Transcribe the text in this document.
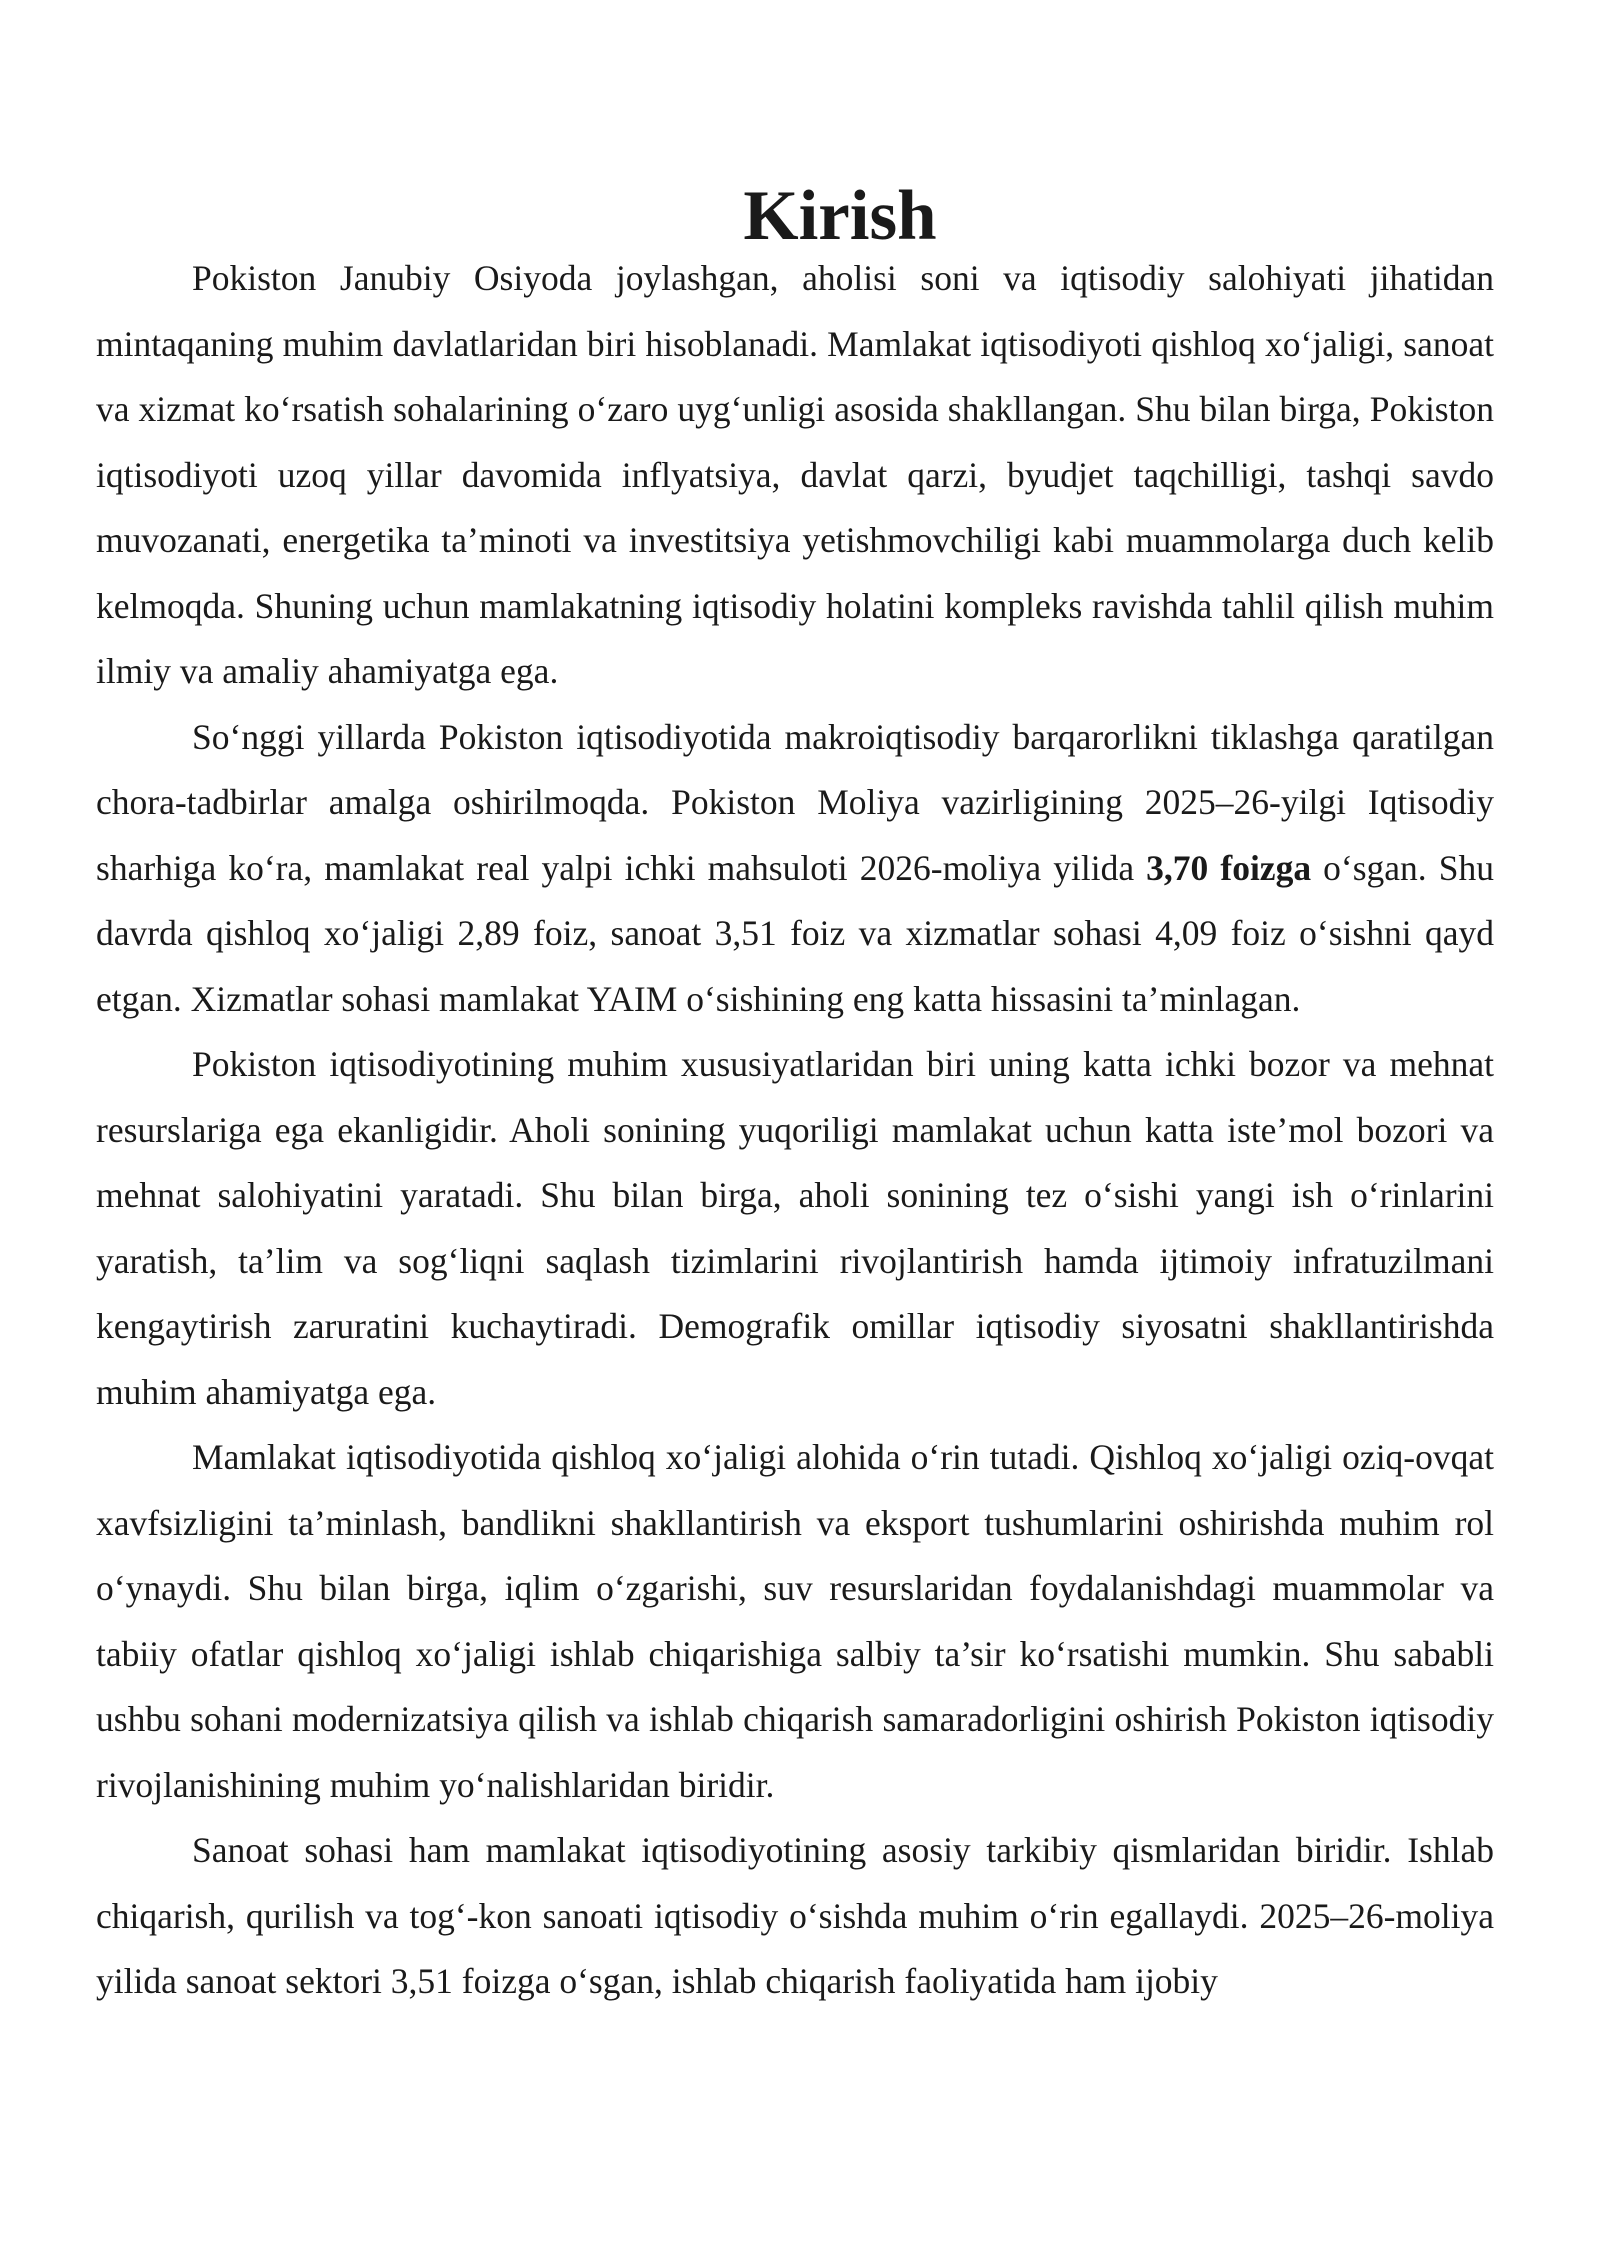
Kirish

Pokiston Janubiy Osiyoda joylashgan, aholisi soni va iqtisodiy salohiyati jihatidan mintaqaning muhim davlatlaridan biri hisoblanadi. Mamlakat iqtisodiyoti qishloq xo‘jaligi, sanoat va xizmat ko‘rsatish sohalarining o‘zaro uyg‘unligi asosida shakllangan. Shu bilan birga, Pokiston iqtisodiyoti uzoq yillar davomida inflyatsiya, davlat qarzi, byudjet taqchilligi, tashqi savdo muvozanati, energetika ta’minoti va investitsiya yetishmovchiligi kabi muammolarga duch kelib kelmoqda. Shuning uchun mamlakatning iqtisodiy holatini kompleks ravishda tahlil qilish muhim ilmiy va amaliy ahamiyatga ega.

So‘nggi yillarda Pokiston iqtisodiyotida makroiqtisodiy barqarorlikni tiklashga qaratilgan chora-tadbirlar amalga oshirilmoqda. Pokiston Moliya vazirligining 2025–26-yilgi Iqtisodiy sharhiga ko‘ra, mamlakat real yalpi ichki mahsuloti 2026-moliya yilida 3,70 foizga o‘sgan. Shu davrda qishloq xo‘jaligi 2,89 foiz, sanoat 3,51 foiz va xizmatlar sohasi 4,09 foiz o‘sishni qayd etgan. Xizmatlar sohasi mamlakat YAIM o‘sishining eng katta hissasini ta’minlagan.

Pokiston iqtisodiyotining muhim xususiyatlaridan biri uning katta ichki bozor va mehnat resurslariga ega ekanligidir. Aholi sonining yuqoriligi mamlakat uchun katta iste’mol bozori va mehnat salohiyatini yaratadi. Shu bilan birga, aholi sonining tez o‘sishi yangi ish o‘rinlarini yaratish, ta’lim va sog‘liqni saqlash tizimlarini rivojlantirish hamda ijtimoiy infratuzilmani kengaytirish zaruratini kuchaytiradi. Demografik omillar iqtisodiy siyosatni shakllantirishda muhim ahamiyatga ega.

Mamlakat iqtisodiyotida qishloq xo‘jaligi alohida o‘rin tutadi. Qishloq xo‘jaligi oziq-ovqat xavfsizligini ta’minlash, bandlikni shakllantirish va eksport tushumlarini oshirishda muhim rol o‘ynaydi. Shu bilan birga, iqlim o‘zgarishi, suv resurslaridan foydalanishdagi muammolar va tabiiy ofatlar qishloq xo‘jaligi ishlab chiqarishiga salbiy ta’sir ko‘rsatishi mumkin. Shu sababli ushbu sohani modernizatsiya qilish va ishlab chiqarish samaradorligini oshirish Pokiston iqtisodiy rivojlanishining muhim yo‘nalishlaridan biridir.

Sanoat sohasi ham mamlakat iqtisodiyotining asosiy tarkibiy qismlaridan biridir. Ishlab chiqarish, qurilish va tog‘-kon sanoati iqtisodiy o‘sishda muhim o‘rin egallaydi. 2025–26-moliya yilida sanoat sektori 3,51 foizga o‘sgan, ishlab chiqarish faoliyatida ham ijobiy
